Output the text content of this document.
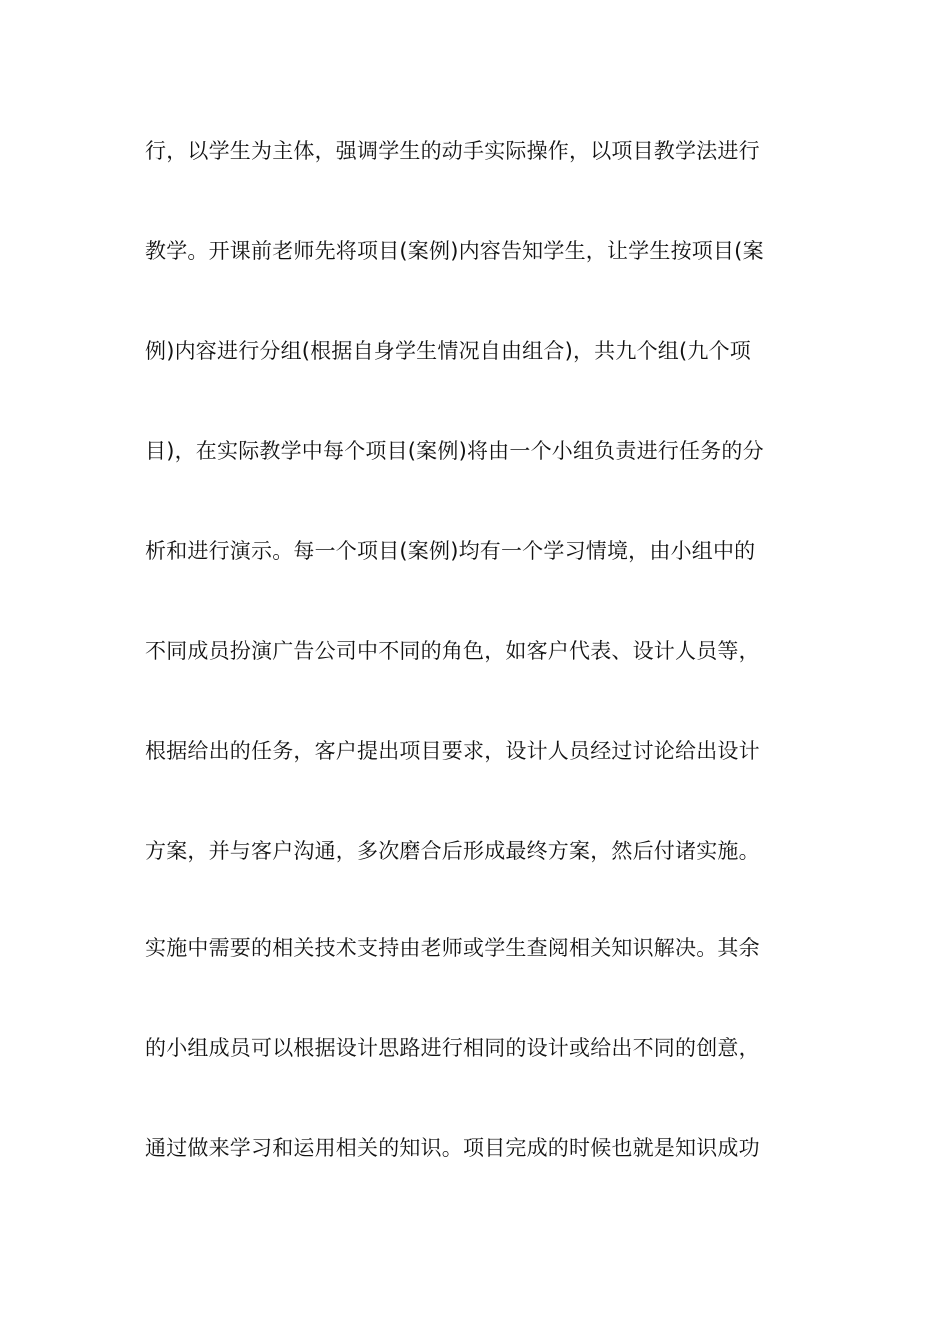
行，以学生为主体，强调学生的动手实际操作，以项目教学法进行

教学。开课前老师先将项目(案例)内容告知学生，让学生按项目(案

例)内容进行分组(根据自身学生情况自由组合)，共九个组(九个项

目)，在实际教学中每个项目(案例)将由一个小组负责进行任务的分

析和进行演示。每一个项目(案例)均有一个学习情境，由小组中的

不同成员扮演广告公司中不同的角色，如客户代表、设计人员等，

根据给出的任务，客户提出项目要求，设计人员经过讨论给出设计

方案，并与客户沟通，多次磨合后形成最终方案，然后付诸实施。

实施中需要的相关技术支持由老师或学生查阅相关知识解决。其余

的小组成员可以根据设计思路进行相同的设计或给出不同的创意，

通过做来学习和运用相关的知识。项目完成的时候也就是知识成功
